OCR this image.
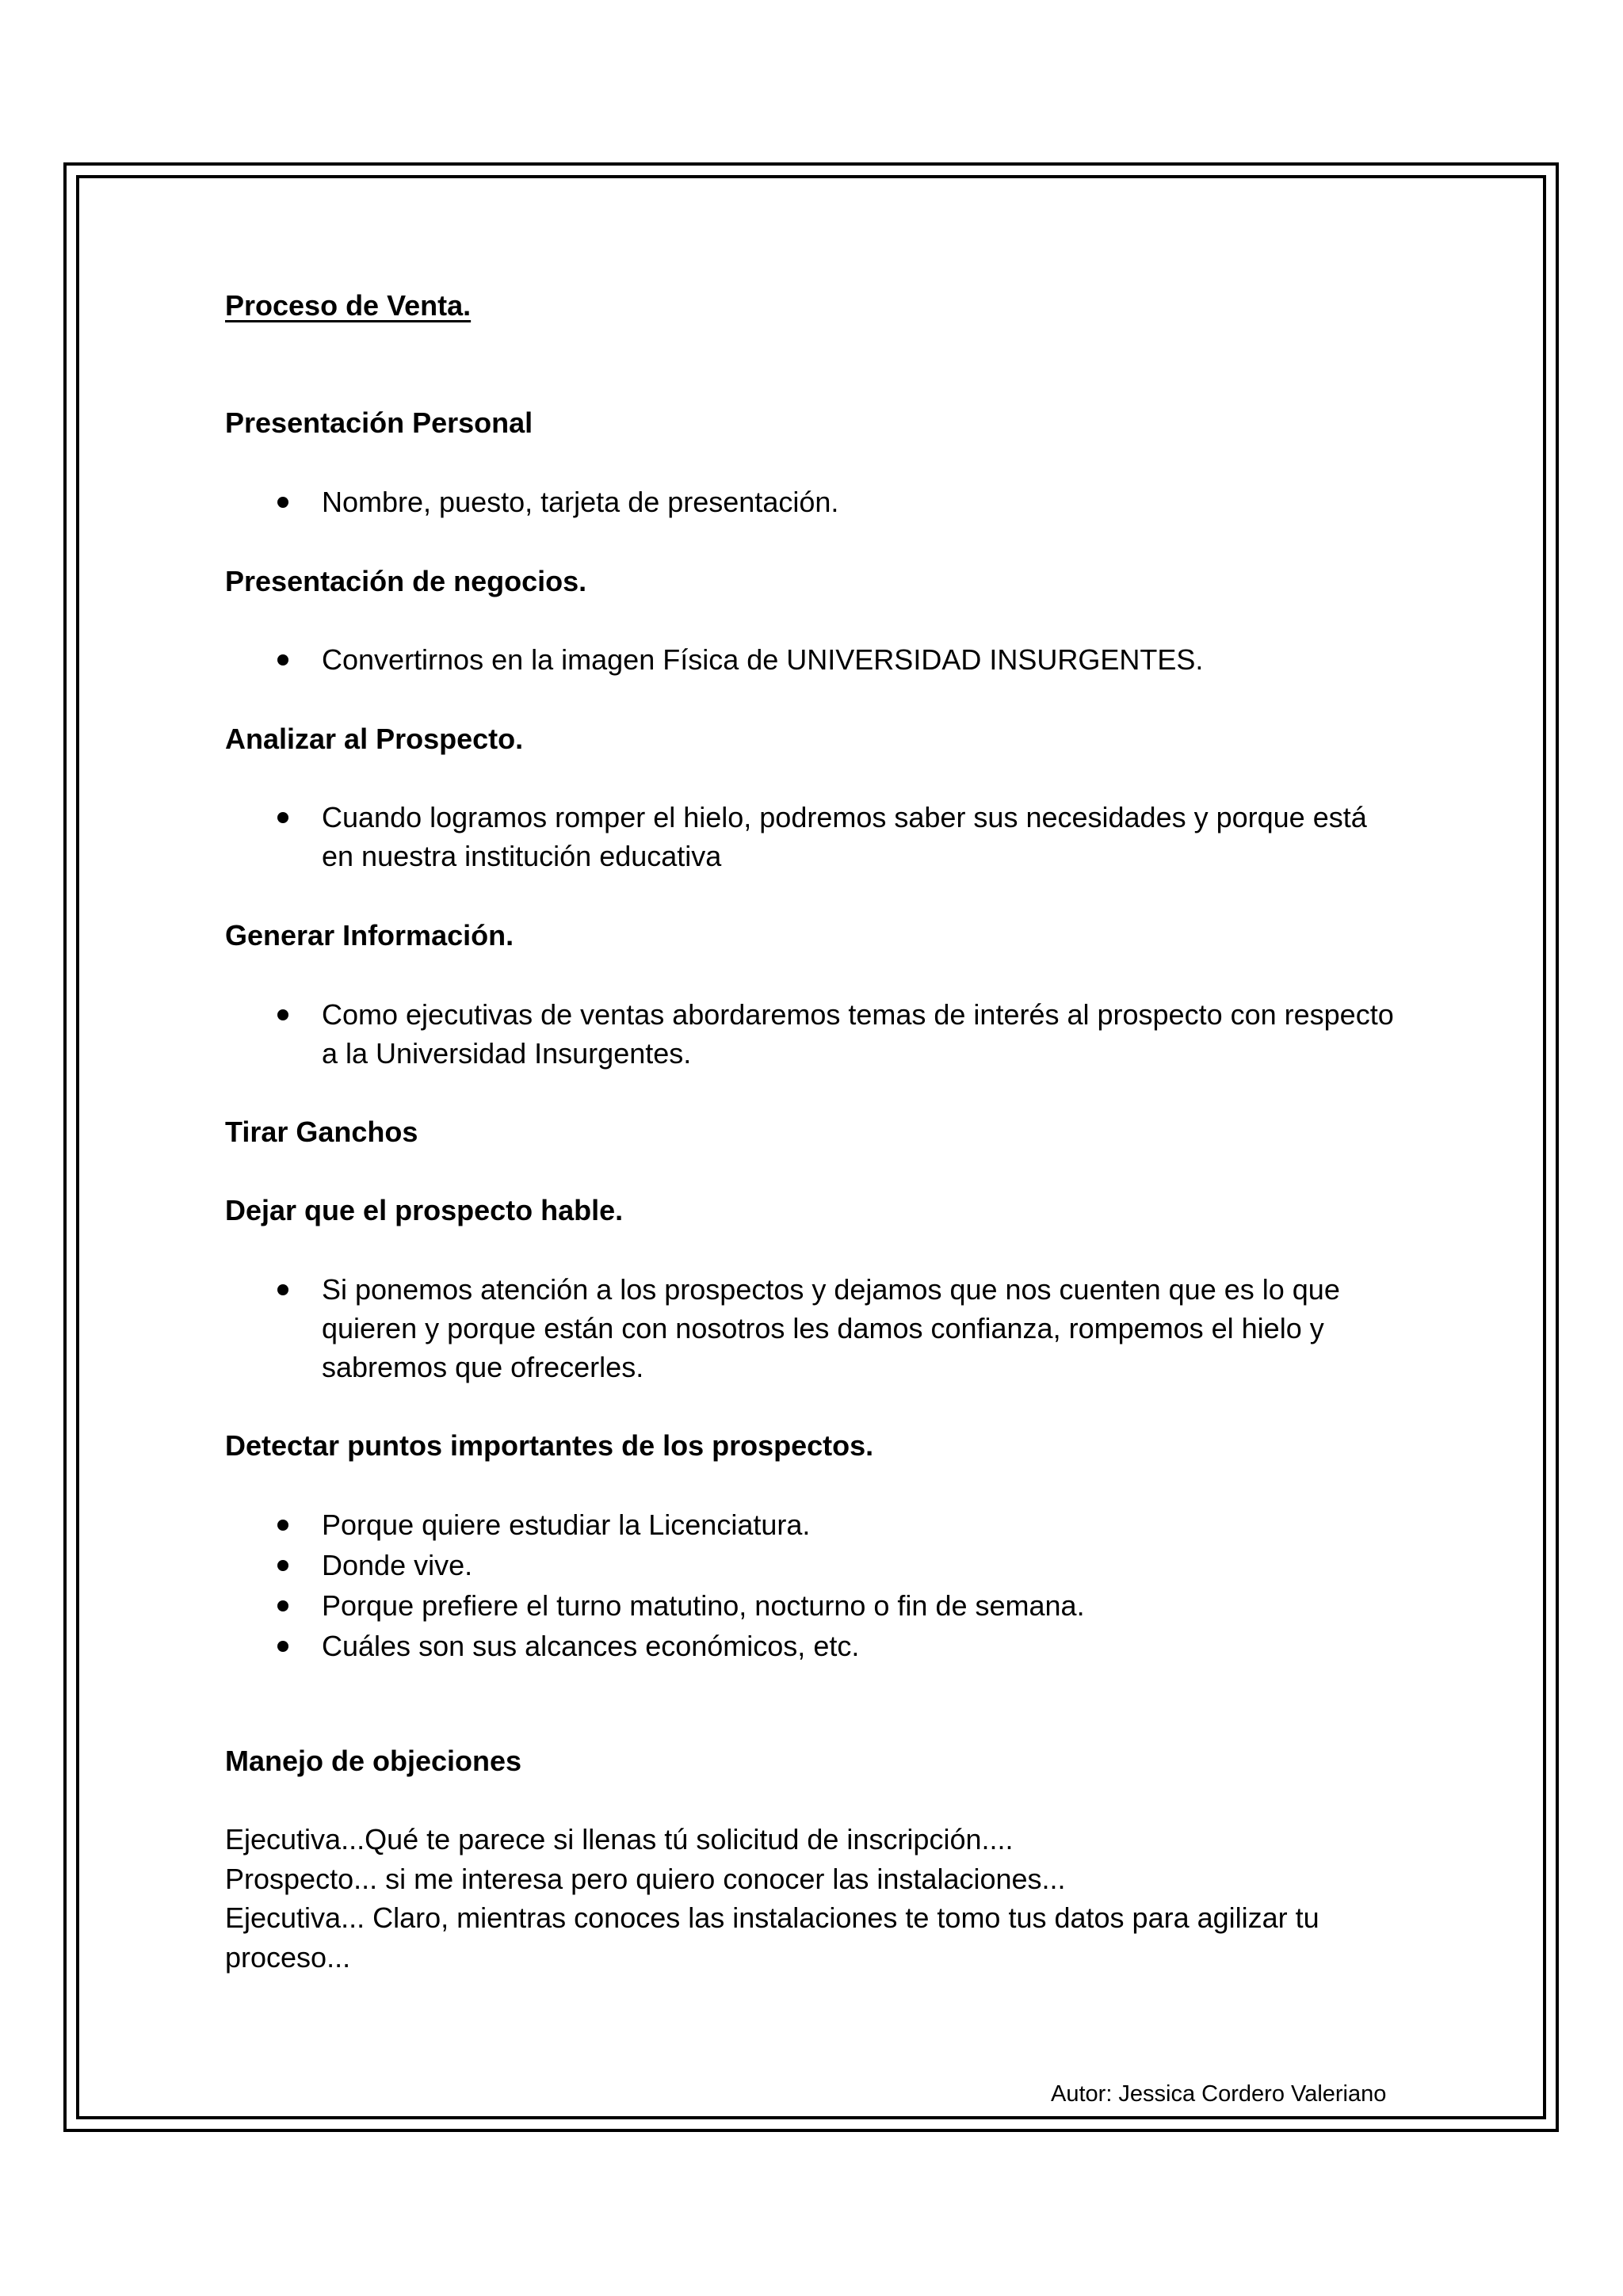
Proceso de Venta.
Presentación Personal
Nombre, puesto, tarjeta de presentación.
Presentación de negocios.
Convertirnos en la imagen Física de UNIVERSIDAD INSURGENTES.
Analizar al Prospecto.
Cuando logramos romper el hielo, podremos saber sus necesidades y porque está en nuestra institución educativa
Generar Información.
Como ejecutivas de ventas abordaremos temas de interés al prospecto con respecto a la Universidad Insurgentes.
Tirar Ganchos
Dejar que el prospecto hable.
Si ponemos atención a los prospectos y dejamos que nos cuenten que es lo que quieren y porque están con nosotros les damos confianza, rompemos el hielo y sabremos que ofrecerles.
Detectar puntos importantes de los prospectos.
Porque quiere estudiar la Licenciatura.
Donde vive.
Porque prefiere el turno matutino, nocturno o fin de semana.
Cuáles son sus alcances económicos, etc.
Manejo de objeciones
Ejecutiva...Qué te parece si llenas tú solicitud de inscripción....
Prospecto... si me interesa pero quiero conocer las instalaciones...
Ejecutiva... Claro, mientras conoces las instalaciones te tomo tus datos para agilizar tu
proceso...
Autor: Jessica Cordero Valeriano
